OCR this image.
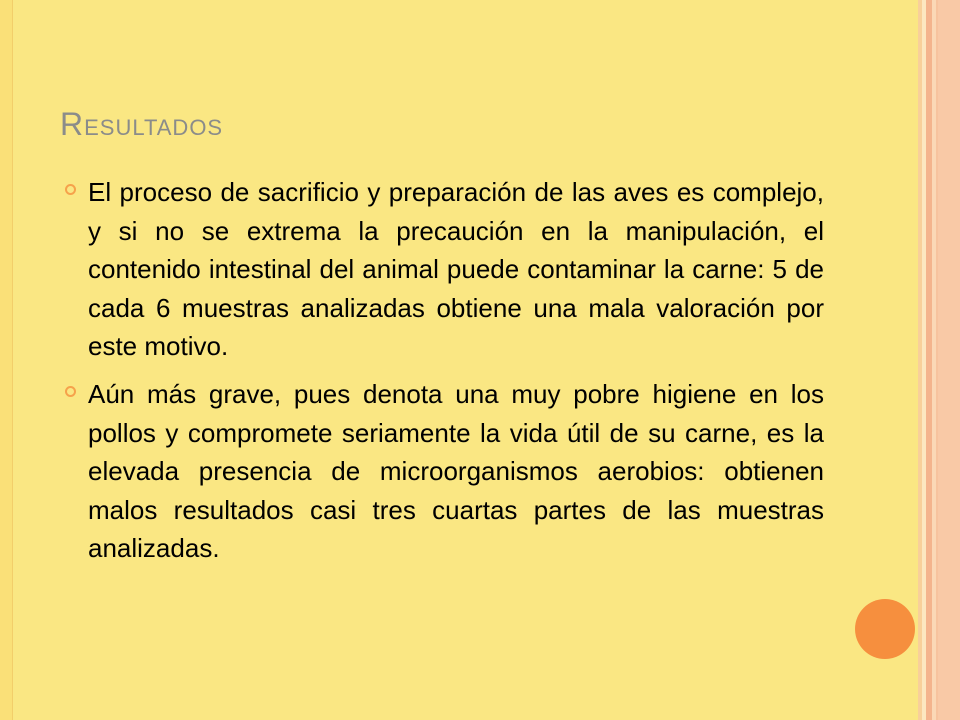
Resultados
El proceso de sacrificio y preparación de las aves es complejo, y si no se extrema la precaución en la manipulación, el contenido intestinal del animal puede contaminar la carne: 5 de cada 6 muestras analizadas obtiene una mala valoración por este motivo.
Aún más grave, pues denota una muy pobre higiene en los pollos y compromete seriamente la vida útil de su carne, es la elevada presencia de microorganismos aerobios: obtienen malos resultados casi tres cuartas partes de las muestras analizadas.
